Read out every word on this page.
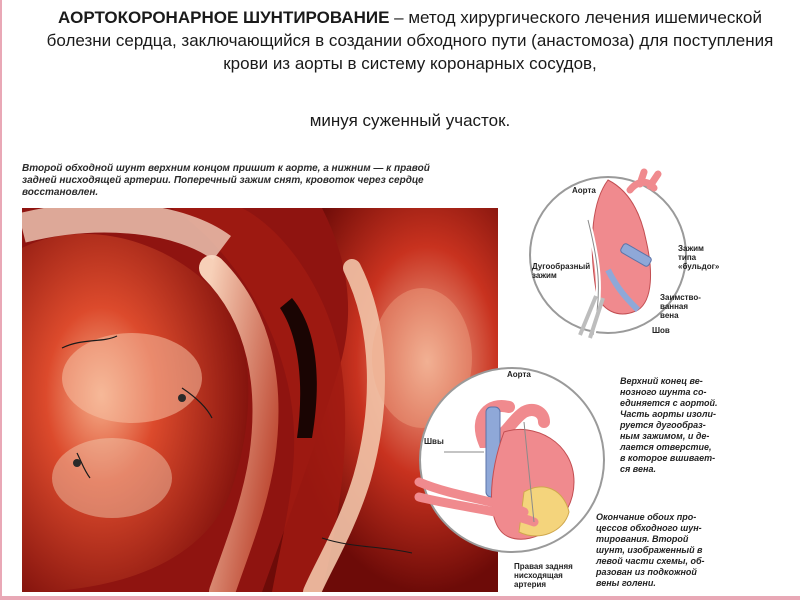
АОРТОКОРОНАРНОЕ ШУНТИРОВАНИЕ – метод хирургического лечения ишемической болезни сердца, заключающийся в создании обходного пути (анастомоза) для поступления крови из аорты в систему коронарных сосудов,
минуя суженный участок.
Второй обходной шунт верхним концом пришит к аорте, а нижним — к правой
задней нисходящей артерии. Поперечный зажим снят, кровоток через сердце
восстановлен.	Аорта
Зажим
типа
«бульдог»
Дугообразный
зажим
Заимство-
ванная
вена
Шов
Верхний конец ве-
нозного шунта со-
единяется с аортой.
Часть аорты изоли-
руется дугообраз-
ным зажимом, и де-
лается отверстие,
в которое вшивает-
ся вена.
Аорта
Швы
Правая задняя
нисходящая
артерия
Окончание обоих про-
цессов обходного шун-
тирования. Второй
шунт, изображенный в
левой части схемы, об-
разован из подкожной
вены голени.
